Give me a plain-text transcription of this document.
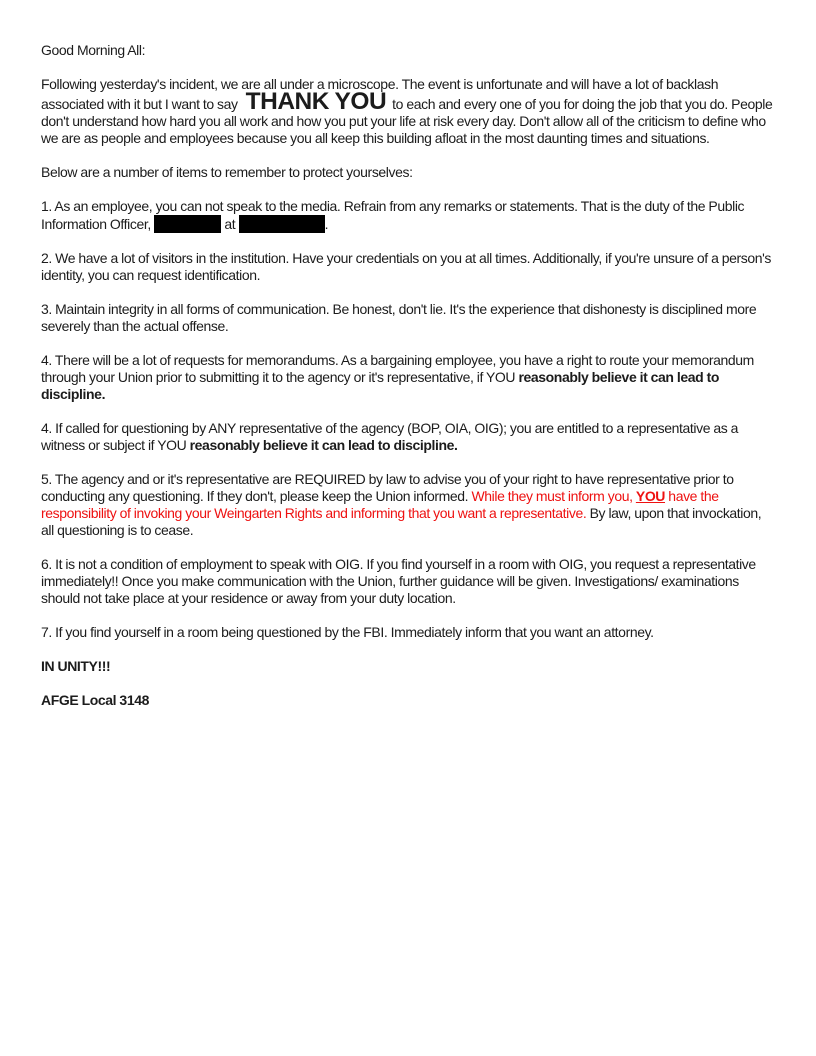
Good Morning All:

Following yesterday's incident, we are all under a microscope. The event is unfortunate and will have a lot of backlash associated with it but I want to say THANK YOU to each and every one of you for doing the job that you do. People don't understand how hard you all work and how you put your life at risk every day. Don't allow all of the criticism to define who we are as people and employees because you all keep this building afloat in the most daunting times and situations.

Below are a number of items to remember to protect yourselves:

1. As an employee, you can not speak to the media. Refrain from any remarks or statements. That is the duty of the Public Information Officer,	at	.

2. We have a lot of visitors in the institution. Have your credentials on you at all times. Additionally, if you're unsure of a person's identity, you can request identification.

3. Maintain integrity in all forms of communication. Be honest, don't lie. It's the experience that dishonesty is disciplined more severely than the actual offense.

4. There will be a lot of requests for memorandums. As a bargaining employee, you have a right to route your memorandum through your Union prior to submitting it to the agency or it's representative, if YOU reasonably believe it can lead to discipline.

4. If called for questioning by ANY representative of the agency (BOP, OIA, OIG); you are entitled to a representative as a witness or subject if YOU reasonably believe it can lead to discipline.

5. The agency and or it's representative are REQUIRED by law to advise you of your right to have representative prior to conducting any questioning. If they don't, please keep the Union informed. While they must inform you, YOU have the responsibility of invoking your Weingarten Rights and informing that you want a representative. By law, upon that invockation, all questioning is to cease.

6. It is not a condition of employment to speak with OIG. If you find yourself in a room with OIG, you request a representative immediately!! Once you make communication with the Union, further guidance will be given. Investigations/ examinations should not take place at your residence or away from your duty location.

7. If you find yourself in a room being questioned by the FBI. Immediately inform that you want an attorney.

IN UNITY!!!

AFGE Local 3148
